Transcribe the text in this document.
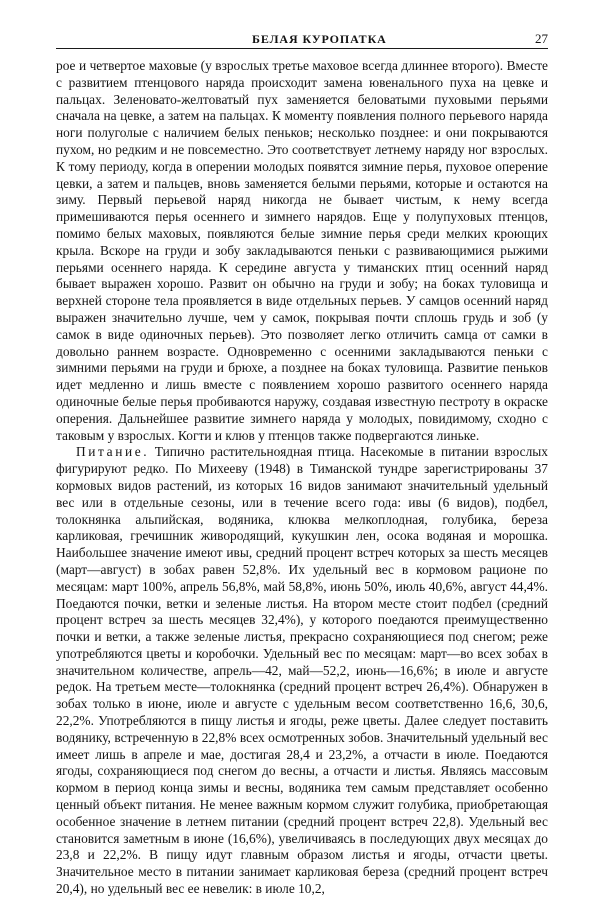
БЕЛАЯ КУРОПАТКА	27

рое и четвертое маховые (у взрослых третье маховое всегда длиннее второго). Вместе с развитием птенцового наряда происходит замена ювенального пуха на цевке и пальцах. Зеленовато-желтоватый пух заменяется беловатыми пуховыми перьями сначала на цевке, а затем на пальцах. К моменту появления полного перьевого наряда ноги полуголые с наличием белых пеньков; несколько позднее: и они покрываются пухом, но редким и не повсеместно. Это соответствует летнему наряду ног взрослых. К тому периоду, когда в оперении молодых появятся зимние перья, пуховое оперение цевки, а затем и пальцев, вновь заменяется белыми перьями, которые и остаются на зиму. Первый перьевой наряд никогда не бывает чистым, к нему всегда примешиваются перья осеннего и зимнего нарядов. Еще у полупуховых птенцов, помимо белых маховых, появляются белые зимние перья среди мелких кроющих крыла. Вскоре на груди и зобу закладываются пеньки с развивающимися рыжими перьями осеннего наряда. К середине августа у тиманских птиц осенний наряд бывает выражен хорошо. Развит он обычно на груди и зобу; на боках туловища и верхней стороне тела проявляется в виде отдельных перьев. У самцов осенний наряд выражен значительно лучше, чем у самок, покрывая почти сплошь грудь и зоб (у самок в виде одиночных перьев). Это позволяет легко отличить самца от самки в довольно раннем возрасте. Одновременно с осенними закладываются пеньки с зимними перьями на груди и брюхе, а позднее на боках туловища. Развитие пеньков идет медленно и лишь вместе с появлением хорошо развитого осеннего наряда одиночные белые перья пробиваются наружу, создавая известную пестроту в окраске оперения. Дальнейшее развитие зимнего наряда у молодых, повидимому, сходно с таковым у взрослых. Когти и клюв у птенцов также подвергаются линьке.

Питание. Типично растительноядная птица. Насекомые в питании взрослых фигурируют редко. По Михееву (1948) в Тиманской тундре зарегистрированы 37 кормовых видов растений, из которых 16 видов занимают значительный удельный вес или в отдельные сезоны, или в течение всего года: ивы (6 видов), подбел, толокнянка альпийская, водяника, клюква мелкоплодная, голубика, береза карликовая, гречишник живородящий, кукушкин лен, осока водяная и морошка. Наибольшее значение имеют ивы, средний процент встреч которых за шесть месяцев (март—август) в зобах равен 52,8%. Их удельный вес в кормовом рационе по месяцам: март 100%, апрель 56,8%, май 58,8%, июнь 50%, июль 40,6%, август 44,4%. Поедаются почки, ветки и зеленые листья. На втором месте стоит подбел (средний процент встреч за шесть месяцев 32,4%), у которого поедаются преимущественно почки и ветки, а также зеленые листья, прекрасно сохраняющиеся под снегом; реже употребляются цветы и коробочки. Удельный вес по месяцам: март—во всех зобах в значительном количестве, апрель—42, май—52,2, июнь—16,6%; в июле и августе редок. На третьем месте—толокнянка (средний процент встреч 26,4%). Обнаружен в зобах только в июне, июле и августе с удельным весом соответственно 16,6, 30,6, 22,2%. Употребляются в пищу листья и ягоды, реже цветы. Далее следует поставить водянику, встреченную в 22,8% всех осмотренных зобов. Значительный удельный вес имеет лишь в апреле и мае, достигая 28,4 и 23,2%, а отчасти в июле. Поедаются ягоды, сохраняющиеся под снегом до весны, а отчасти и листья. Являясь массовым кормом в период конца зимы и весны, водяника тем самым представляет особенно ценный объект питания. Не менее важным кормом служит голубика, приобретающая особенное значение в летнем питании (средний процент встреч 22,8). Удельный вес становится заметным в июне (16,6%), увеличиваясь в последующих двух месяцах до 23,8 и 22,2%. В пищу идут главным образом листья и ягоды, отчасти цветы. Значительное место в питании занимает карликовая береза (средний процент встреч 20,4), но удельный вес ее невелик: в июле 10,2,
